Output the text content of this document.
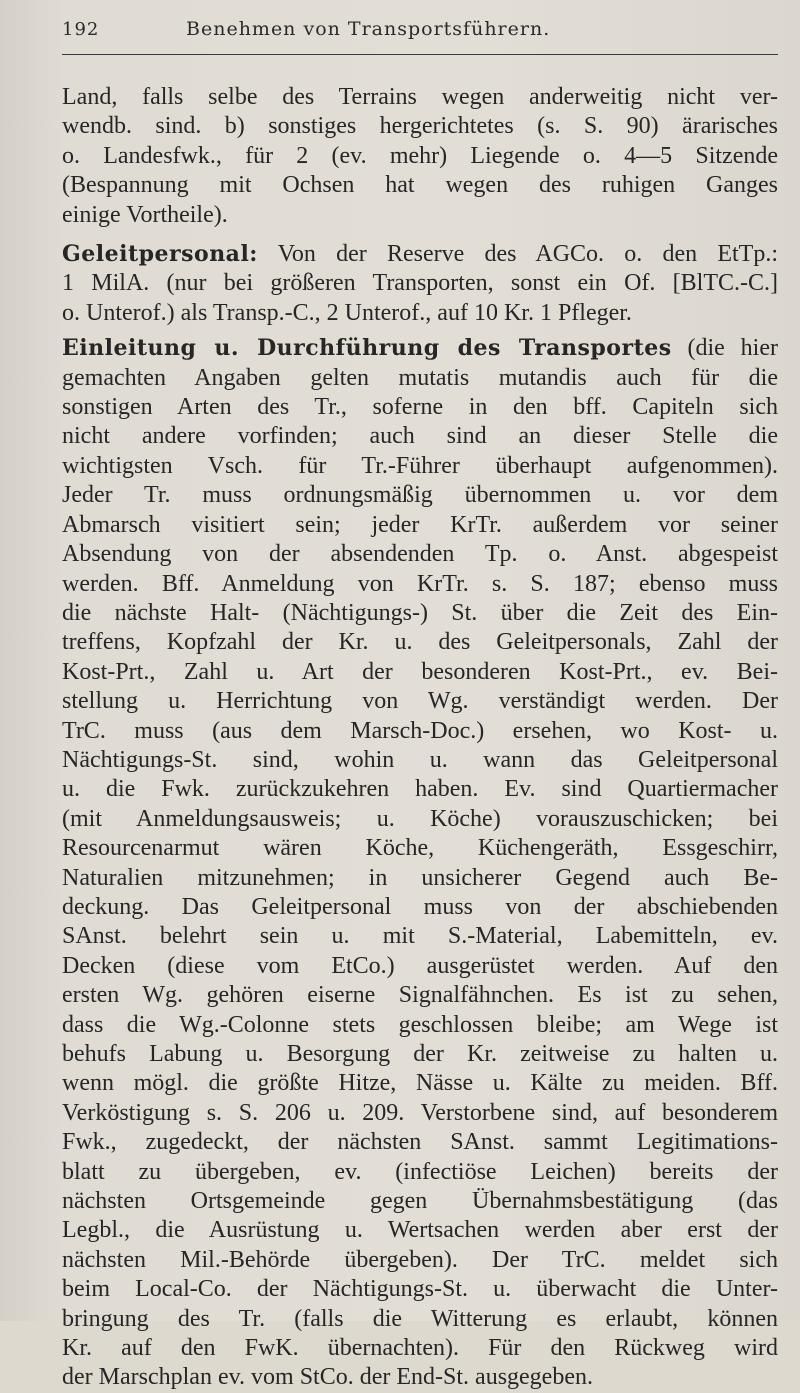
192	Benehmen von Transportsführern.
Land, falls selbe des Terrains wegen anderweitig nicht ver-
wendb. sind. b) sonstiges hergerichtetes (s. S. 90) ärarisches
o. Landesfwk., für 2 (ev. mehr) Liegende o. 4—5 Sitzende
(Bespannung mit Ochsen hat wegen des ruhigen Ganges
einige Vortheile).
Geleitpersonal: Von der Reserve des AGCo. o. den EtTp.:
1 MilA. (nur bei größeren Transporten, sonst ein Of. [BlTC.-C.]
o. Unterof.) als Transp.-C., 2 Unterof., auf 10 Kr. 1 Pfleger.
Einleitung u. Durchführung des Transportes (die hier
gemachten Angaben gelten mutatis mutandis auch für die
sonstigen Arten des Tr., soferne in den bff. Capiteln sich
nicht andere vorfinden; auch sind an dieser Stelle die
wichtigsten Vsch. für Tr.-Führer überhaupt aufgenommen).
Jeder Tr. muss ordnungsmäßig übernommen u. vor dem
Abmarsch visitiert sein; jeder KrTr. außerdem vor seiner
Absendung von der absendenden Tp. o. Anst. abgespeist
werden. Bff. Anmeldung von KrTr. s. S. 187; ebenso muss
die nächste Halt- (Nächtigungs-) St. über die Zeit des Ein-
treffens, Kopfzahl der Kr. u. des Geleitpersonals, Zahl der
Kost-Prt., Zahl u. Art der besonderen Kost-Prt., ev. Bei-
stellung u. Herrichtung von Wg. verständigt werden. Der
TrC. muss (aus dem Marsch-Doc.) ersehen, wo Kost- u.
Nächtigungs-St. sind, wohin u. wann das Geleitpersonal
u. die Fwk. zurückzukehren haben. Ev. sind Quartiermacher
(mit Anmeldungsausweis; u. Köche) vorauszuschicken; bei
Resourcenarmut wären Köche, Küchengeräth, Essgeschirr,
Naturalien mitzunehmen; in unsicherer Gegend auch Be-
deckung. Das Geleitpersonal muss von der abschiebenden
SAnst. belehrt sein u. mit S.-Material, Labemitteln, ev.
Decken (diese vom EtCo.) ausgerüstet werden. Auf den
ersten Wg. gehören eiserne Signalfähnchen. Es ist zu sehen,
dass die Wg.-Colonne stets geschlossen bleibe; am Wege ist
behufs Labung u. Besorgung der Kr. zeitweise zu halten u.
wenn mögl. die größte Hitze, Nässe u. Kälte zu meiden. Bff.
Verköstigung s. S. 206 u. 209. Verstorbene sind, auf besonderem
Fwk., zugedeckt, der nächsten SAnst. sammt Legitimations-
blatt zu übergeben, ev. (infectiöse Leichen) bereits der
nächsten Ortsgemeinde gegen Übernahmsbestätigung (das
Legbl., die Ausrüstung u. Wertsachen werden aber erst der
nächsten Mil.-Behörde übergeben). Der TrC. meldet sich
beim Local-Co. der Nächtigungs-St. u. überwacht die Unter-
bringung des Tr. (falls die Witterung es erlaubt, können
Kr. auf den FwK. übernachten). Für den Rückweg wird
der Marschplan ev. vom StCo. der End-St. ausgegeben.
